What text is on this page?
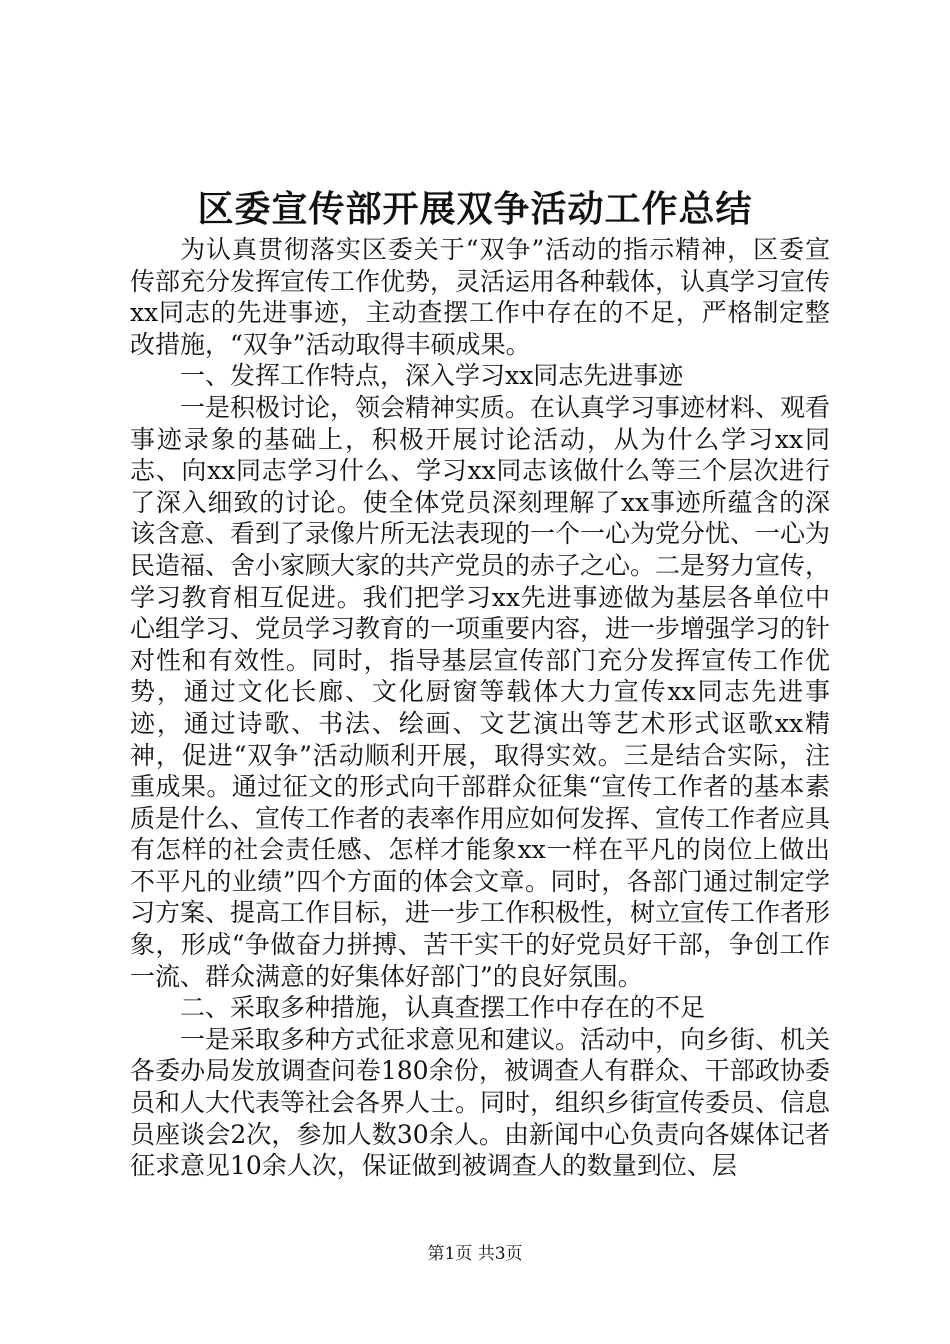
区委宣传部开展双争活动工作总结

为认真贯彻落实区委关于“双争”活动的指示精神，区委宣传部充分发挥宣传工作优势，灵活运用各种载体，认真学习宣传xx同志的先进事迹，主动查摆工作中存在的不足，严格制定整改措施，“双争”活动取得丰硕成果。

一、发挥工作特点，深入学习xx同志先进事迹

一是积极讨论，领会精神实质。在认真学习事迹材料、观看事迹录象的基础上，积极开展讨论活动，从为什么学习xx同志、向xx同志学习什么、学习xx同志该做什么等三个层次进行了深入细致的讨论。使全体党员深刻理解了xx事迹所蕴含的深该含意、看到了录像片所无法表现的一个一心为党分忧、一心为民造福、舍小家顾大家的共产党员的赤子之心。二是努力宣传，学习教育相互促进。我们把学习xx先进事迹做为基层各单位中心组学习、党员学习教育的一项重要内容，进一步增强学习的针对性和有效性。同时，指导基层宣传部门充分发挥宣传工作优势，通过文化长廊、文化厨窗等载体大力宣传xx同志先进事迹，通过诗歌、书法、绘画、文艺演出等艺术形式讴歌xx精神，促进“双争”活动顺利开展，取得实效。三是结合实际，注重成果。通过征文的形式向干部群众征集“宣传工作者的基本素质是什么、宣传工作者的表率作用应如何发挥、宣传工作者应具有怎样的社会责任感、怎样才能象xx一样在平凡的岗位上做出不平凡的业绩”四个方面的体会文章。同时，各部门通过制定学习方案、提高工作目标，进一步工作积极性，树立宣传工作者形象，形成“争做奋力拼搏、苦干实干的好党员好干部，争创工作一流、群众满意的好集体好部门”的良好氛围。

二、采取多种措施，认真查摆工作中存在的不足

一是采取多种方式征求意见和建议。活动中，向乡街、机关各委办局发放调查问卷180余份，被调查人有群众、干部政协委员和人大代表等社会各界人士。同时，组织乡街宣传委员、信息员座谈会2次，参加人数30余人。由新闻中心负责向各媒体记者征求意见10余人次，保证做到被调查人的数量到位、层

第1页 共3页
